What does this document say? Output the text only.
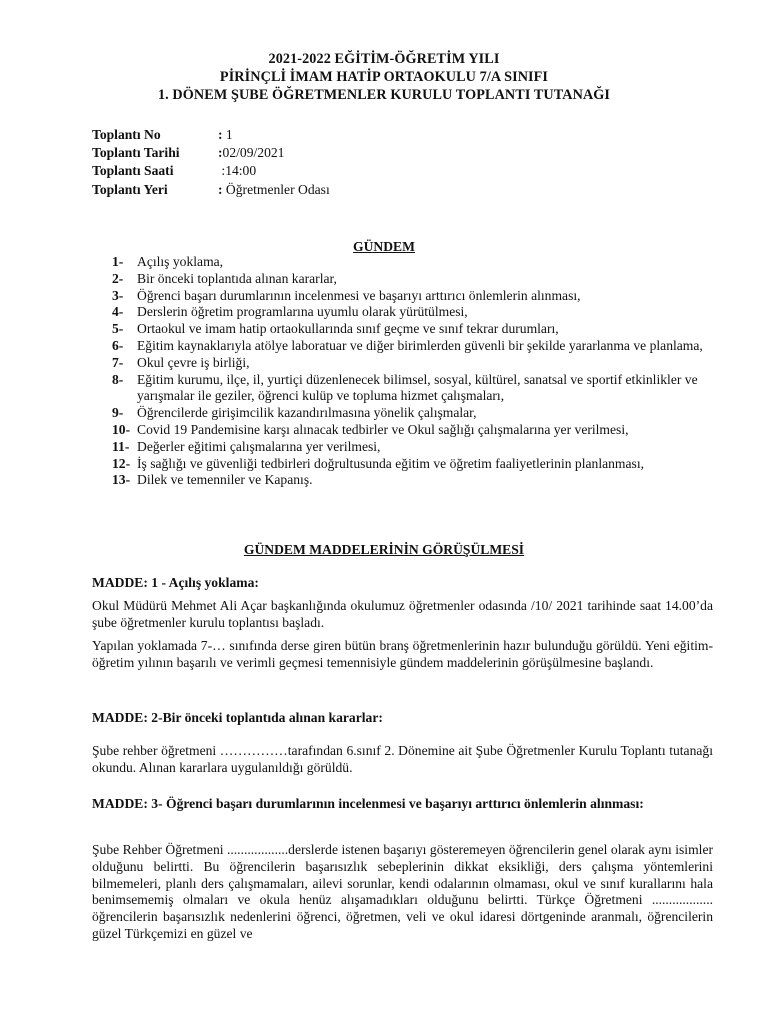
2021-2022 EĞİTİM-ÖĞRETİM YILI
PİRİNÇLİ İMAM HATİP ORTAOKULU 7/A SINIFI
1. DÖNEM ŞUBE ÖĞRETMENLER KURULU TOPLANTI TUTANAĞI
Toplantı No	: 1
Toplantı Tarihi	: 02/09/2021
Toplantı Saati	: 14:00
Toplantı Yeri	: Öğretmenler Odası
GÜNDEM
1-	Açılış yoklama,
2-	Bir önceki toplantıda alınan kararlar,
3-	Öğrenci başarı durumlarının incelenmesi ve başarıyı arttırıcı önlemlerin alınması,
4-	Derslerin öğretim programlarına uyumlu olarak yürütülmesi,
5-	Ortaokul ve imam hatip ortaokullarında sınıf geçme ve sınıf tekrar durumları,
6-	Eğitim kaynaklarıyla atölye laboratuar ve diğer birimlerden güvenli bir şekilde yararlanma ve planlama,
7-	Okul çevre iş birliği,
8-	Eğitim kurumu, ilçe, il, yurtiçi düzenlenecek bilimsel, sosyal, kültürel, sanatsal ve sportif etkinlikler ve yarışmalar ile geziler, öğrenci kulüp ve topluma hizmet çalışmaları,
9-	Öğrencilerde girişimcilik kazandırılmasına yönelik çalışmalar,
10- Covid 19 Pandemisine karşı alınacak tedbirler ve Okul sağlığı çalışmalarına yer verilmesi,
11- Değerler eğitimi çalışmalarına yer verilmesi,
12- İş sağlığı ve güvenliği tedbirleri doğrultusunda eğitim ve öğretim faaliyetlerinin planlanması,
13- Dilek ve temenniler ve Kapanış.
GÜNDEM MADDELERİNİN GÖRÜŞÜLMESİ
MADDE: 1 - Açılış yoklama:
Okul Müdürü Mehmet Ali Açar başkanlığında okulumuz öğretmenler odasında /10/ 2021 tarihinde saat 14.00’da şube öğretmenler kurulu toplantısı başladı.
Yapılan yoklamada 7-… sınıfında derse giren bütün branş öğretmenlerinin hazır bulunduğu görüldü. Yeni eğitim-öğretim yılının başarılı ve verimli geçmesi temennisiyle gündem maddelerinin görüşülmesine başlandı.
MADDE: 2-Bir önceki toplantıda alınan kararlar:
Şube rehber öğretmeni ……………tarafından 6.sınıf 2. Dönemine ait Şube Öğretmenler Kurulu Toplantı tutanağı okundu. Alınan kararlara uygulanıldığı görüldü.
MADDE: 3- Öğrenci başarı durumlarının incelenmesi ve başarıyı arttırıcı önlemlerin alınması:
Şube Rehber Öğretmeni ..................derslerde istenen başarıyı gösteremeyen öğrencilerin genel olarak aynı isimler olduğunu belirtti. Bu öğrencilerin başarısızlık sebeplerinin dikkat eksikliği, ders çalışma yöntemlerini bilmemeleri, planlı ders çalışmamaları, ailevi sorunlar, kendi odalarının olmaması, okul ve sınıf kurallarını hala benimsememiş olmaları ve okula henüz alışamadıkları olduğunu belirtti. Türkçe Öğretmeni .................. öğrencilerin başarısızlık nedenlerini öğrenci, öğretmen, veli ve okul idaresi dörtgeninde aranmalı, öğrencilerin güzel Türkçemizi en güzel ve
